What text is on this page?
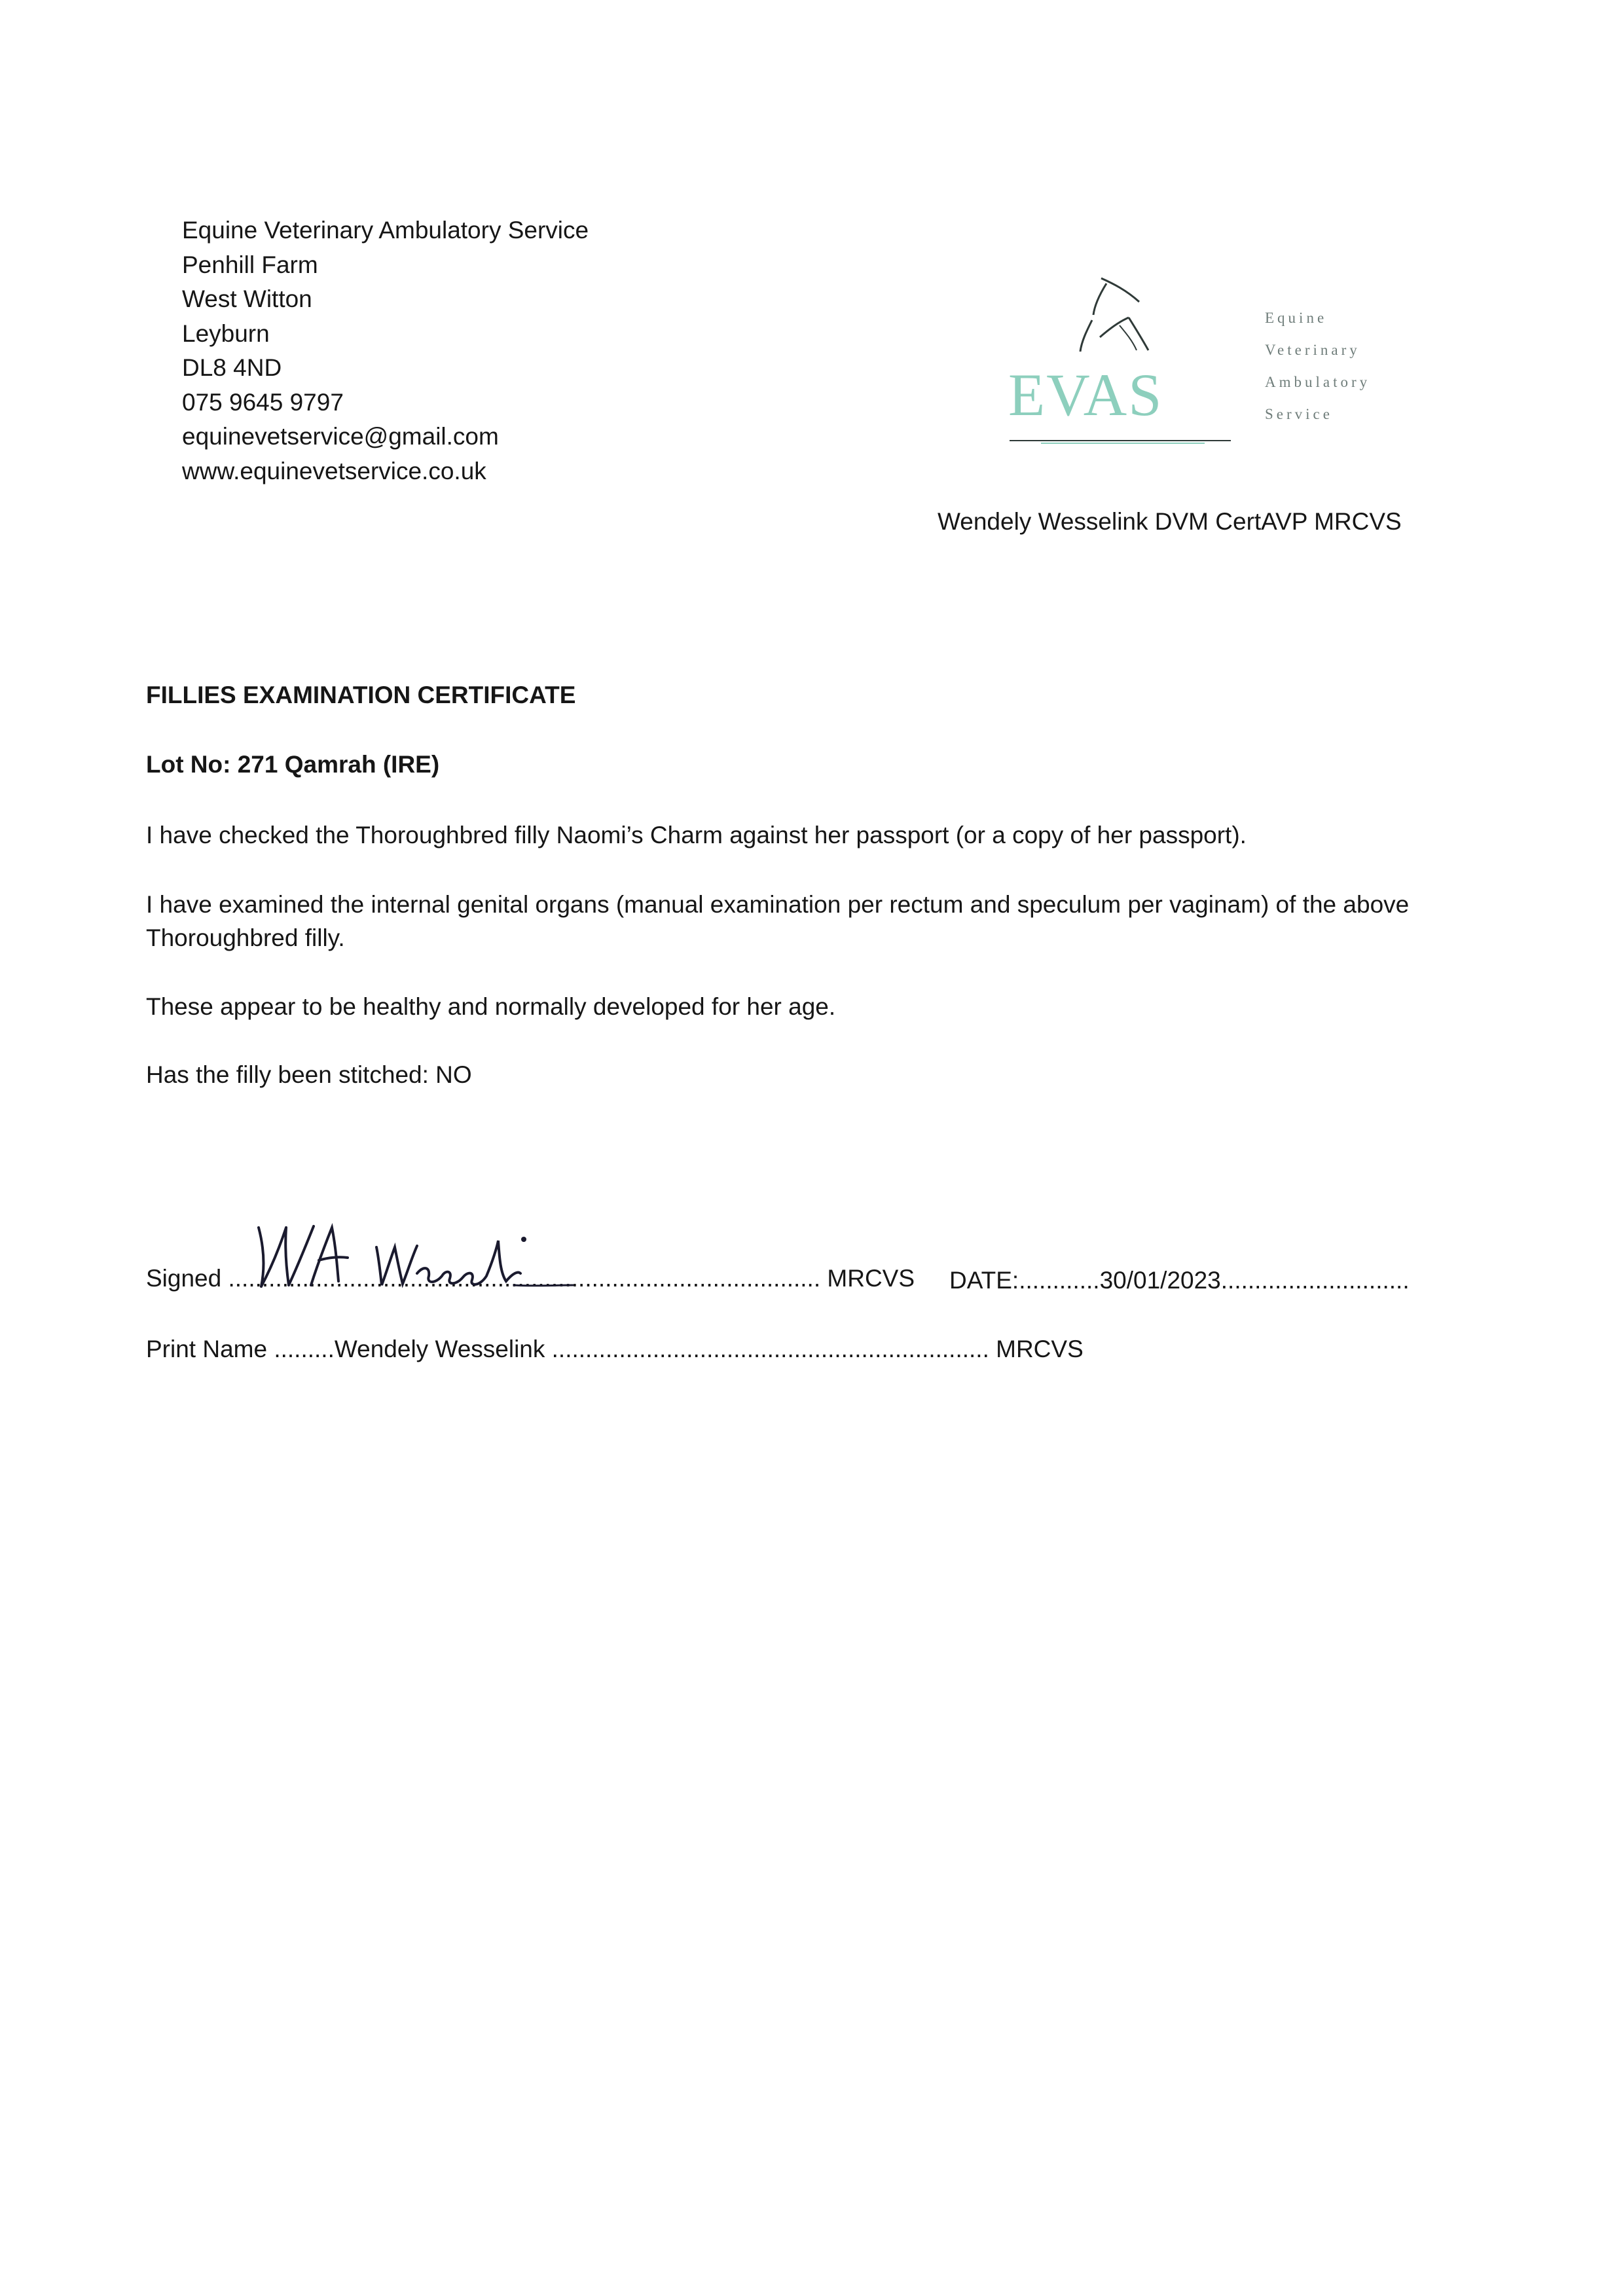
Equine Veterinary Ambulatory Service
Penhill Farm
West Witton
Leyburn
DL8 4ND
075 9645 9797
equinevetservice@gmail.com
www.equinevetservice.co.uk
EVAS
Equine
Veterinary
Ambulatory
Service
Wendely Wesselink DVM CertAVP MRCVS
FILLIES EXAMINATION CERTIFICATE
Lot No: 271 Qamrah (IRE)
I have checked the Thoroughbred filly Naomi’s Charm against her passport (or a copy of her passport).
I have examined the internal genital organs (manual examination per rectum and speculum per vaginam) of the above Thoroughbred filly.
These appear to be healthy and normally developed for her age.
Has the filly been stitched: NO
Signed ........................................................................................ MRCVS DATE:............30/01/2023............................
Print Name .........Wendely Wesselink ................................................................. MRCVS
